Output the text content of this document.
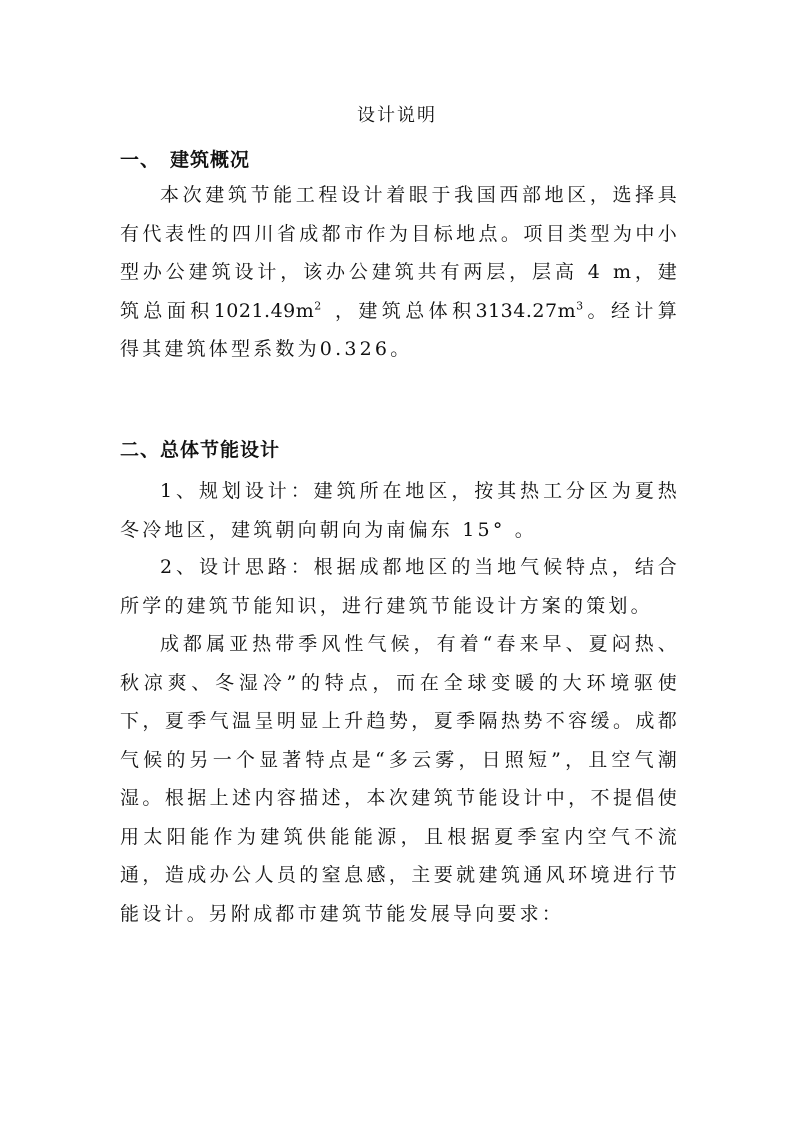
设计说明
一、 建筑概况

本次建筑节能工程设计着眼于我国西部地区，选择具有代表性的四川省成都市作为目标地点。项目类型为中小型办公建筑设计，该办公建筑共有两层，层高 4 m，建筑总面积$1021.49m^2$ ，建筑总体积$3134.27m^3$。经计算得其建筑体型系数为0.326。

二、总体节能设计

1、规划设计：建筑所在地区，按其热工分区为夏热冬冷地区，建筑朝向朝向为南偏东 15° 。

2、设计思路：根据成都地区的当地气候特点，结合所学的建筑节能知识，进行建筑节能设计方案的策划。

成都属亚热带季风性气候，有着“春来早、夏闷热、秋凉爽、冬湿冷”的特点，而在全球变暖的大环境驱使下，夏季气温呈明显上升趋势，夏季隔热势不容缓。成都气候的另一个显著特点是“多云雾，日照短”，且空气潮湿。根据上述内容描述，本次建筑节能设计中，不提倡使用太阳能作为建筑供能能源，且根据夏季室内空气不流通，造成办公人员的窒息感，主要就建筑通风环境进行节能设计。另附成都市建筑节能发展导向要求：
